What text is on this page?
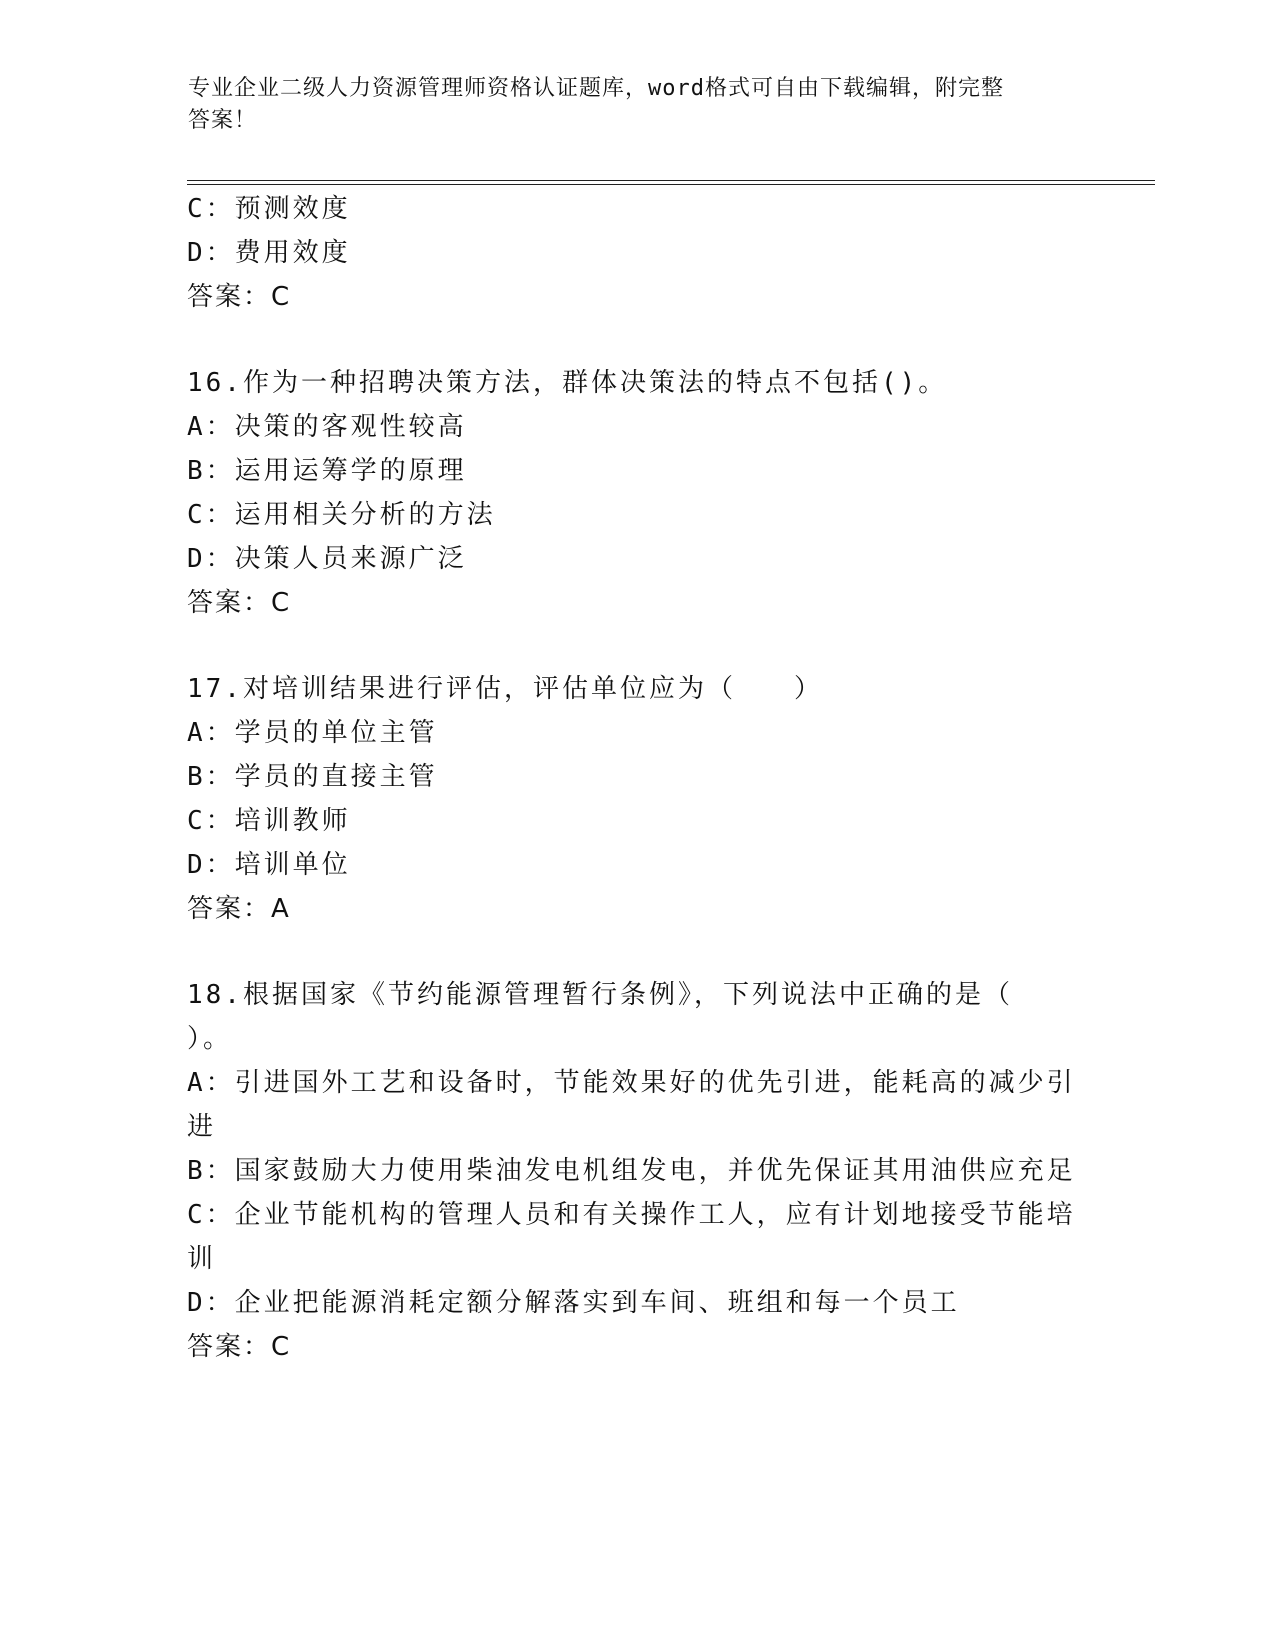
专业企业二级人力资源管理师资格认证题库，word格式可自由下载编辑，附完整
答案！
C：预测效度
D：费用效度
答案：C
16.作为一种招聘决策方法，群体决策法的特点不包括()。
A：决策的客观性较高
B：运用运筹学的原理
C：运用相关分析的方法
D：决策人员来源广泛
答案：C
17.对培训结果进行评估，评估单位应为（　　）
A：学员的单位主管
B：学员的直接主管
C：培训教师
D：培训单位
答案：A
18.根据国家《节约能源管理暂行条例》，下列说法中正确的是（
）。
A：引进国外工艺和设备时，节能效果好的优先引进，能耗高的减少引
进
B：国家鼓励大力使用柴油发电机组发电，并优先保证其用油供应充足
C：企业节能机构的管理人员和有关操作工人，应有计划地接受节能培
训
D：企业把能源消耗定额分解落实到车间、班组和每一个员工
答案：C
